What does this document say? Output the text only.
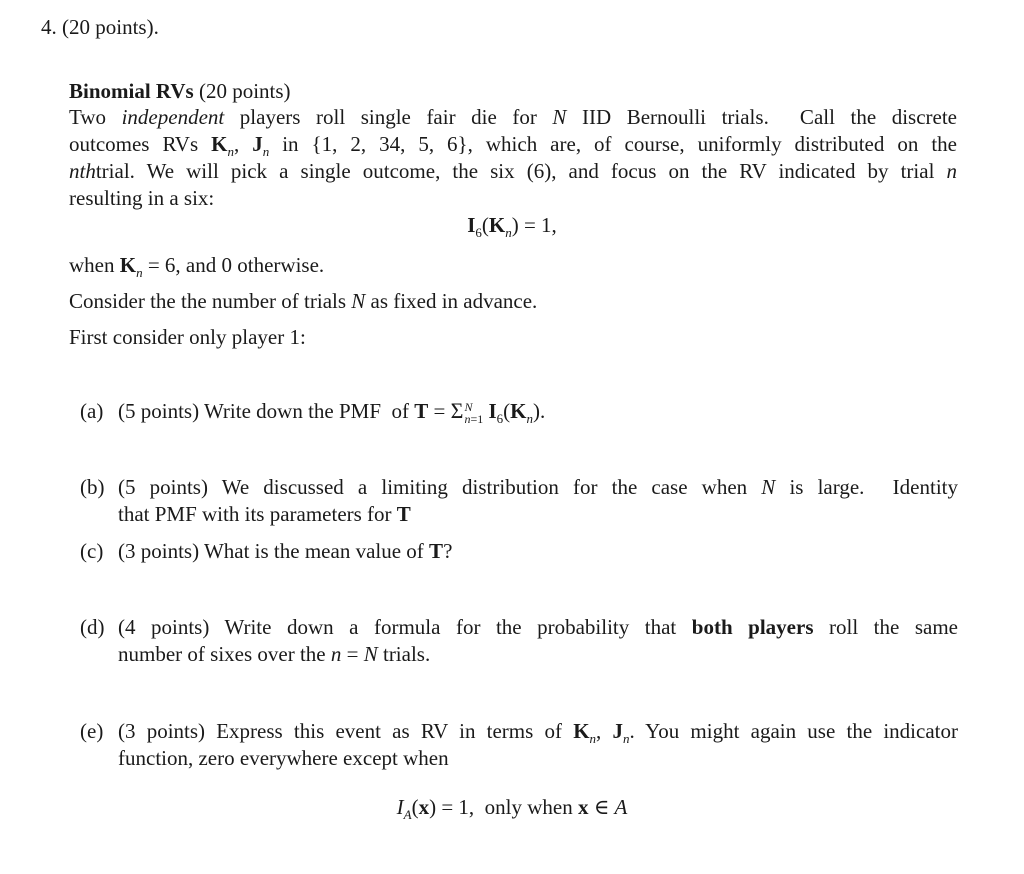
4. (20 points).
Binomial RVs (20 points)
Two independent players roll single fair die for N IID Bernoulli trials.  Call the discrete
outcomes RVs $K_n$, $J_n$ in {1, 2, 34, 5, 6}, which are, of course, uniformly distributed on the
nthtrial. We will pick a single outcome, the six (6), and focus on the RV indicated by trial n
resulting in a six:
$I_6(K_n) = 1$,
when $K_n = 6$, and 0 otherwise.
Consider the the number of trials N as fixed in advance.
First consider only player 1:
(a) (5 points) Write down the PMF  of T = ΣN
n=1 $I_6(K_n)$.
(b) (5 points) We discussed a limiting distribution for the case when N is large.  Identity
that PMF with its parameters for T
(c) (3 points) What is the mean value of T?
(d) (4 points) Write down a formula for the probability that both players roll the same
number of sixes over the n = N trials.
(e) (3 points) Express this event as RV in terms of $K_n$, $J_n$. You might again use the indicator
function, zero everywhere except when
$I_A(x) = 1$,  only when x ∈ A
